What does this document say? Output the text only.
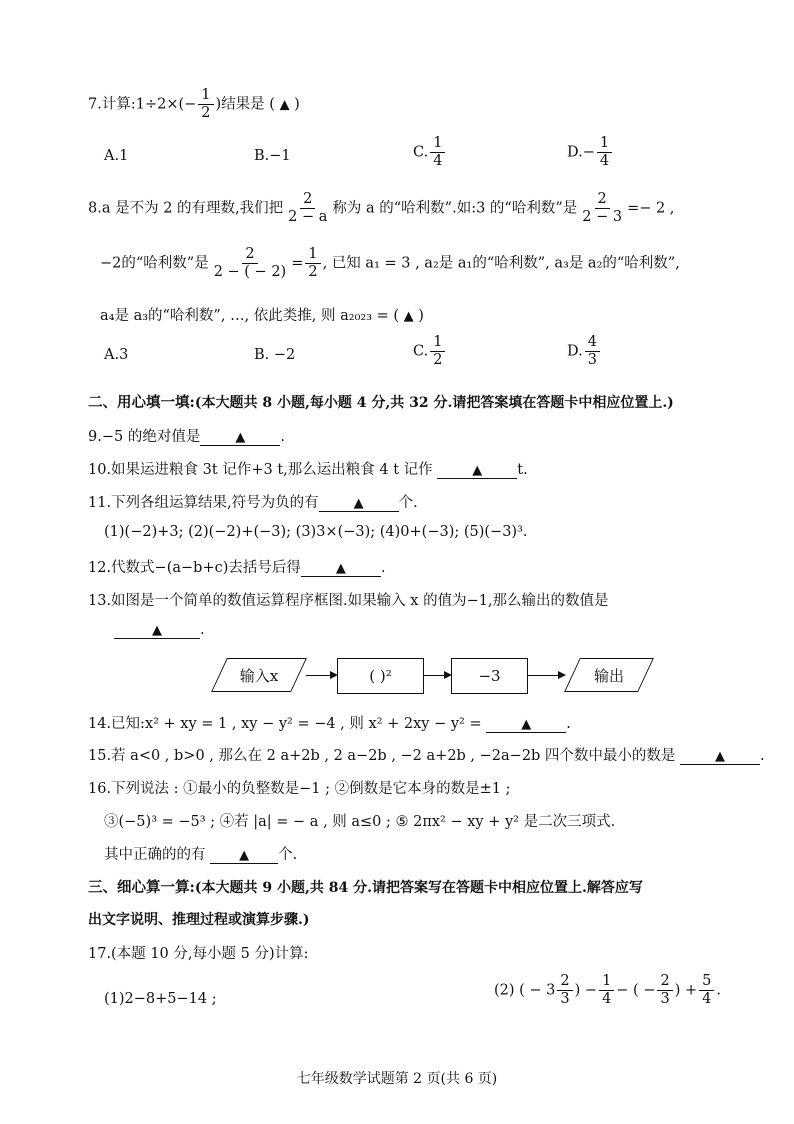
7.计算:1÷2×(− $\frac{1}{2}$ )结果是 ( ▲ )
A.1	B.−1	C. $\frac{1}{4}$	$D.- \frac{1}{4}$
8.a 是不为 2 的有理数,我们把 $\frac{2}{2 - a}$ 称为 a 的“哈利数”.如:3 的“哈利数”是 $\frac{2}{2 - 3} =- 2$ ,
−2的“哈利数”是 $\frac{2}{2 - ( - 2)} = \frac{1}{2}$ , 已知 a₁ = 3 , a₂是 a₁的“哈利数”, a₃是 a₂的“哈利数”,
a₄是 a₃的“哈利数”, …, 依此类推, 则 a₂₀₂₃ = ( ▲ )
A.3	B. −2	C. $\frac{1}{2}$	D. $\frac{4}{3}$
二、用心填一填:(本大题共 8 小题,每小题 4 分,共 32 分.请把答案填在答题卡中相应位置上.)
9.−5 的绝对值是	▲ .
10.如果运进粮食 3t 记作+3 t,那么运出粮食 4 t 记作	▲ t.
11.下列各组运算结果,符号为负的有	▲ 个.
(1)(−2)+3; (2)(−2)+(−3); (3)3×(−3); (4)0+(−3); (5)(−3)³.
12.代数式−(a−b+c)去括号后得	▲ .
13.如图是一个简单的数值运算程序框图.如果输入 x 的值为−1,那么输出的数值是
▲	.
输入x	( )²	−3	输出
14.已知:x² + xy = 1 , xy − y² = −4 , 则 x² + 2xy − y² =	▲ .
15.若 a<0 , b>0 , 那么在 2 a+2b , 2 a−2b , −2 a+2b , −2a−2b 四个数中最小的数是	▲ .
16.下列说法 : ①最小的负整数是−1 ; ②倒数是它本身的数是±1 ;
③(−5)³ = −5³ ; ④若 |a| = − a , 则 a≤0 ; ⑤ 2πx² − xy + y² 是二次三项式.
其中正确的的有	▲ 个.
三、细心算一算:(本大题共 9 小题,共 84 分.请把答案写在答题卡中相应位置上.解答应写
出文字说明、推理过程或演算步骤.)
17.(本题 10 分,每小题 5 分)计算:
(1)2−8+5−14 ;
(2) ( − $3 \frac{2}{3}$ ) − $\frac{1}{4}$ − ( − $\frac{2}{3}$ ) + $\frac{5}{4}$ .
七年级数学试题第 2 页(共 6 页)
